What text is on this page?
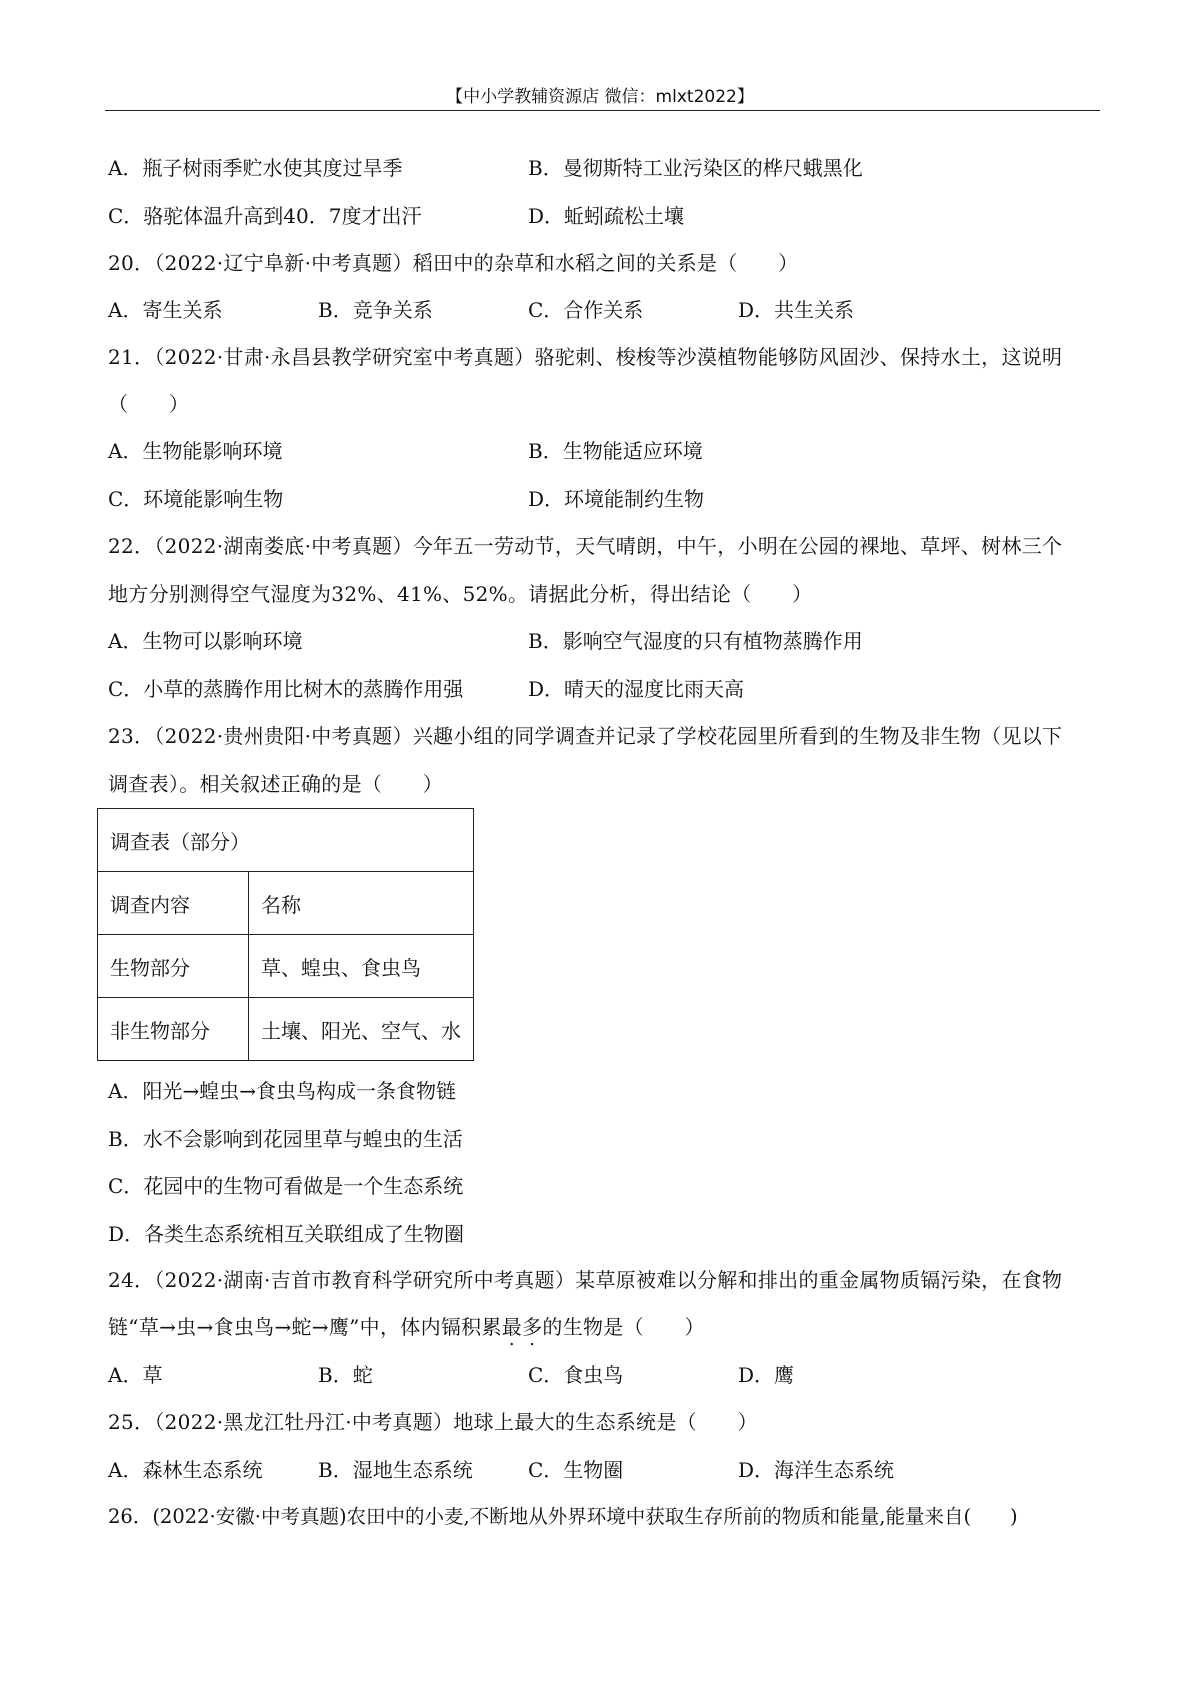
【中小学教辅资源店 微信：mlxt2022】
A．瓶子树雨季贮水使其度过旱季	B．曼彻斯特工业污染区的桦尺蛾黑化
C．骆驼体温升高到40．7度才出汗	D．蚯蚓疏松土壤
20．（2022·辽宁阜新·中考真题）稻田中的杂草和水稻之间的关系是（　　）
A．寄生关系	B．竞争关系	C．合作关系	D．共生关系
21．（2022·甘肃·永昌县教学研究室中考真题）骆驼刺、梭梭等沙漠植物能够防风固沙、保持水土，这说明
（　　）
A．生物能影响环境	B．生物能适应环境
C．环境能影响生物	D．环境能制约生物
22．（2022·湖南娄底·中考真题）今年五一劳动节，天气晴朗，中午，小明在公园的裸地、草坪、树林三个
地方分别测得空气湿度为32%、41%、52%。请据此分析，得出结论（　　）
A．生物可以影响环境	B．影响空气湿度的只有植物蒸腾作用
C．小草的蒸腾作用比树木的蒸腾作用强	D．晴天的湿度比雨天高
23．（2022·贵州贵阳·中考真题）兴趣小组的同学调查并记录了学校花园里所看到的生物及非生物（见以下
调查表）。相关叙述正确的是（　　）
调查表（部分）	
调查内容	名称
生物部分	草、蝗虫、食虫鸟
非生物部分	土壤、阳光、空气、水
A．阳光→蝗虫→食虫鸟构成一条食物链
B．水不会影响到花园里草与蝗虫的生活
C．花园中的生物可看做是一个生态系统
D．各类生态系统相互关联组成了生物圈
24．（2022·湖南·吉首市教育科学研究所中考真题）某草原被难以分解和排出的重金属物质镉污染，在食物
链“草→虫→食虫鸟→蛇→鹰”中，体内镉积累最多的生物是（　　）
A．草	B．蛇	C．食虫鸟	D．鹰
25．（2022·黑龙江牡丹江·中考真题）地球上最大的生态系统是（　　）
A．森林生态系统	B．湿地生态系统	C．生物圈	D．海洋生态系统
26．(2022·安徽·中考真题)农田中的小麦,不断地从外界环境中获取生存所前的物质和能量,能量来自(　　)
